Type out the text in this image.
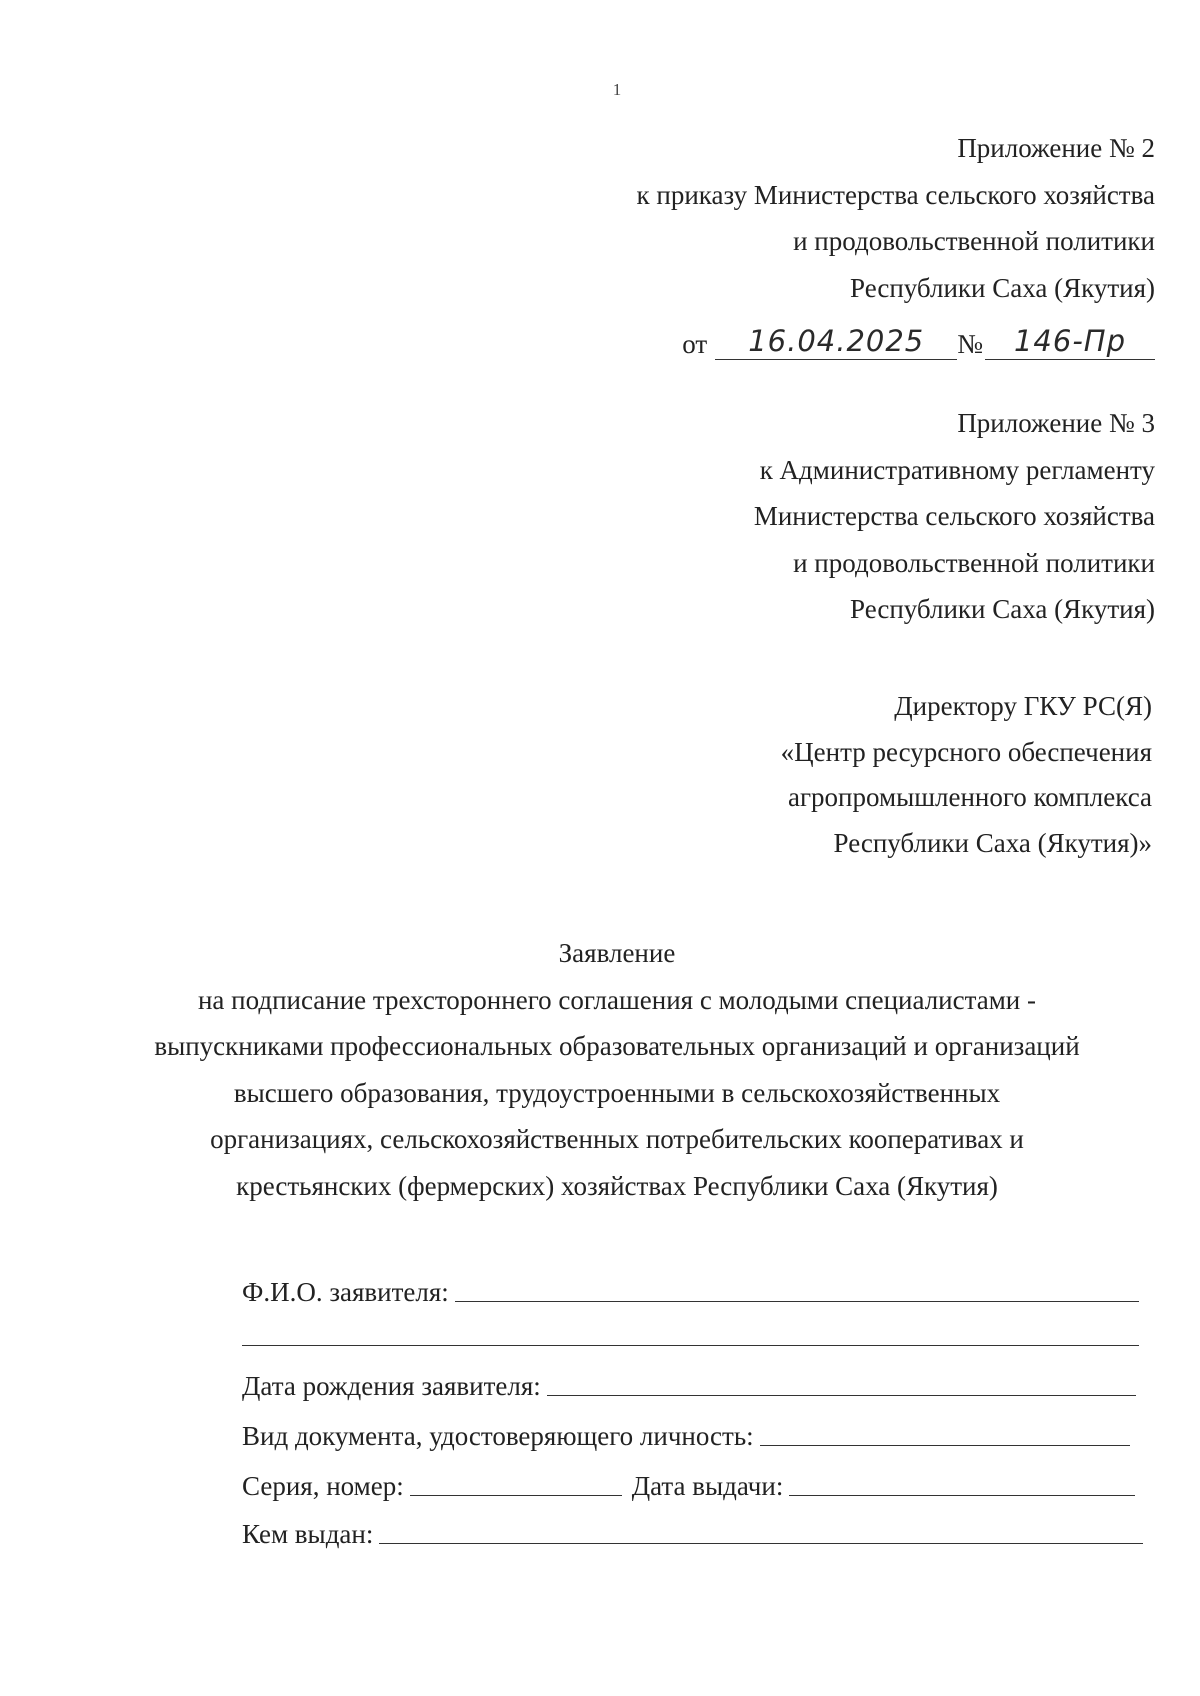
1
Приложение № 2
к приказу Министерства сельского хозяйства
и продовольственной политики
Республики Саха (Якутия)
от	16.04.2025	№	146-Пр
Приложение № 3
к Административному регламенту
Министерства сельского хозяйства
и продовольственной политики
Республики Саха (Якутия)
Директору ГКУ РС(Я)
«Центр ресурсного обеспечения
агропромышленного комплекса
Республики Саха (Якутия)»
Заявление
на подписание трехстороннего соглашения с молодыми специалистами -
выпускниками профессиональных образовательных организаций и организаций
высшего образования, трудоустроенными в сельскохозяйственных
организациях, сельскохозяйственных потребительских кооперативах и
крестьянских (фермерских) хозяйствах Республики Саха (Якутия)
Ф.И.О. заявителя:
Дата рождения заявителя:
Вид документа, удостоверяющего личность:
Серия, номер:	Дата выдачи:
Кем выдан:
